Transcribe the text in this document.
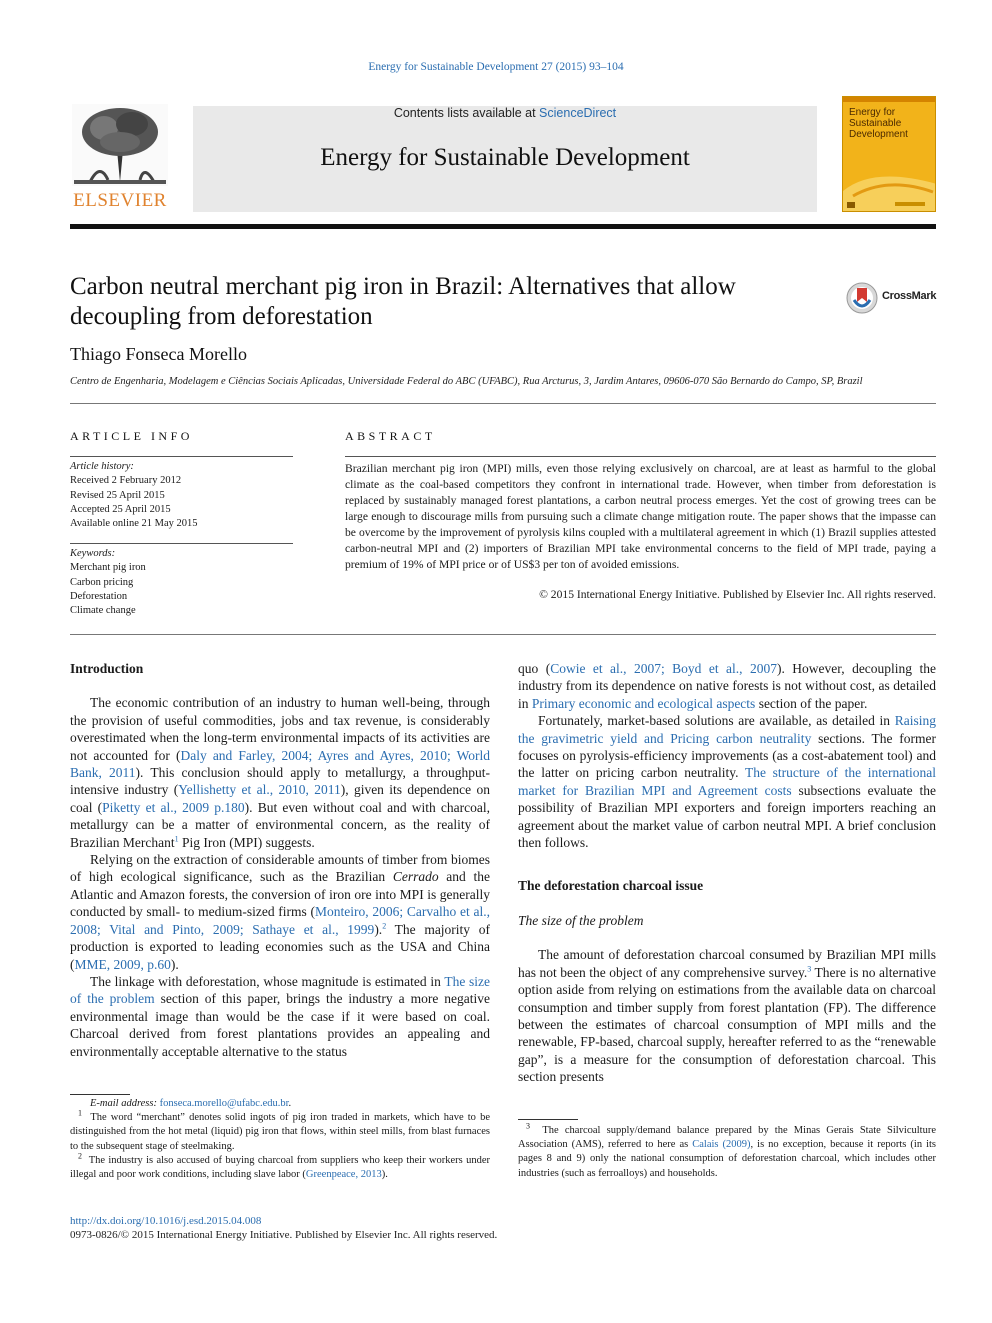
Energy for Sustainable Development 27 (2015) 93–104
ELSEVIER
Contents lists available at ScienceDirect
Energy for Sustainable Development
Energy for
Sustainable
Development
Carbon neutral merchant pig iron in Brazil: Alternatives that allow decoupling from deforestation
CrossMark
Thiago Fonseca Morello
Centro de Engenharia, Modelagem e Ciências Sociais Aplicadas, Universidade Federal do ABC (UFABC), Rua Arcturus, 3, Jardim Antares, 09606-070 São Bernardo do Campo, SP, Brazil
ARTICLE INFO
Article history:
Received 2 February 2012
Revised 25 April 2015
Accepted 25 April 2015
Available online 21 May 2015
Keywords:
Merchant pig iron
Carbon pricing
Deforestation
Climate change
ABSTRACT
Brazilian merchant pig iron (MPI) mills, even those relying exclusively on charcoal, are at least as harmful to the global climate as the coal-based competitors they confront in international trade. However, when timber from deforestation is replaced by sustainably managed forest plantations, a carbon neutral process emerges. Yet the cost of growing trees can be large enough to discourage mills from pursuing such a climate change mitigation route. The paper shows that the impasse can be overcome by the improvement of pyrolysis kilns coupled with a multilateral agreement in which (1) Brazil supplies attested carbon-neutral MPI and (2) importers of Brazilian MPI take environmental concerns to the field of MPI trade, paying a premium of 19% of MPI price or of US$3 per ton of avoided emissions.
© 2015 International Energy Initiative. Published by Elsevier Inc. All rights reserved.

Introduction

The economic contribution of an industry to human well-being, through the provision of useful commodities, jobs and tax revenue, is considerably overestimated when the long-term environmental impacts of its activities are not accounted for (Daly and Farley, 2004; Ayres and Ayres, 2010; World Bank, 2011). This conclusion should apply to metallurgy, a throughput-intensive industry (Yellishetty et al., 2010, 2011), given its dependence on coal (Piketty et al., 2009 p.180). But even without coal and with charcoal, metallurgy can be a matter of environmental concern, as the reality of Brazilian Merchant$^1$ Pig Iron (MPI) suggests.

Relying on the extraction of considerable amounts of timber from biomes of high ecological significance, such as the Brazilian Cerrado and the Atlantic and Amazon forests, the conversion of iron ore into MPI is generally conducted by small- to medium-sized firms (Monteiro, 2006; Carvalho et al., 2008; Vital and Pinto, 2009; Sathaye et al., 1999).$^2$ The majority of production is exported to leading economies such as the USA and China (MME, 2009, p.60).

The linkage with deforestation, whose magnitude is estimated in The size of the problem section of this paper, brings the industry a more negative environmental image than would be the case if it were based on coal. Charcoal derived from forest plantations provides an appealing and environmentally acceptable alternative to the status

quo (Cowie et al., 2007; Boyd et al., 2007). However, decoupling the industry from its dependence on native forests is not without cost, as detailed in Primary economic and ecological aspects section of the paper.

Fortunately, market-based solutions are available, as detailed in Raising the gravimetric yield and Pricing carbon neutrality sections. The former focuses on pyrolysis-efficiency improvements (as a cost-abatement tool) and the latter on pricing carbon neutrality. The structure of the international market for Brazilian MPI and Agreement costs subsections evaluate the possibility of Brazilian MPI exporters and foreign importers reaching an agreement about the market value of carbon neutral MPI. A brief conclusion then follows.

The deforestation charcoal issue

The size of the problem

The amount of deforestation charcoal consumed by Brazilian MPI mills has not been the object of any comprehensive survey.$^3$ There is no alternative option aside from relying on estimations from the available data on charcoal consumption and timber supply from forest plantation (FP). The difference between the estimates of charcoal consumption of MPI mills and the renewable, FP-based, charcoal supply, hereafter referred to as the “renewable gap”, is a measure for the consumption of deforestation charcoal. This section presents

E-mail address: fonseca.morello@ufabc.edu.br.

$^1$ The word “merchant” denotes solid ingots of pig iron traded in markets, which have to be distinguished from the hot metal (liquid) pig iron that flows, within steel mills, from blast furnaces to the subsequent stage of steelmaking.

$^2$ The industry is also accused of buying charcoal from suppliers who keep their workers under illegal and poor work conditions, including slave labor (Greenpeace, 2013).

$^3$ The charcoal supply/demand balance prepared by the Minas Gerais State Silviculture Association (AMS), referred to here as Calais (2009), is no exception, because it reports (in its pages 8 and 9) only the national consumption of deforestation charcoal, which includes other industries (such as ferroalloys) and households.

http://dx.doi.org/10.1016/j.esd.2015.04.008
0973-0826/© 2015 International Energy Initiative. Published by Elsevier Inc. All rights reserved.
